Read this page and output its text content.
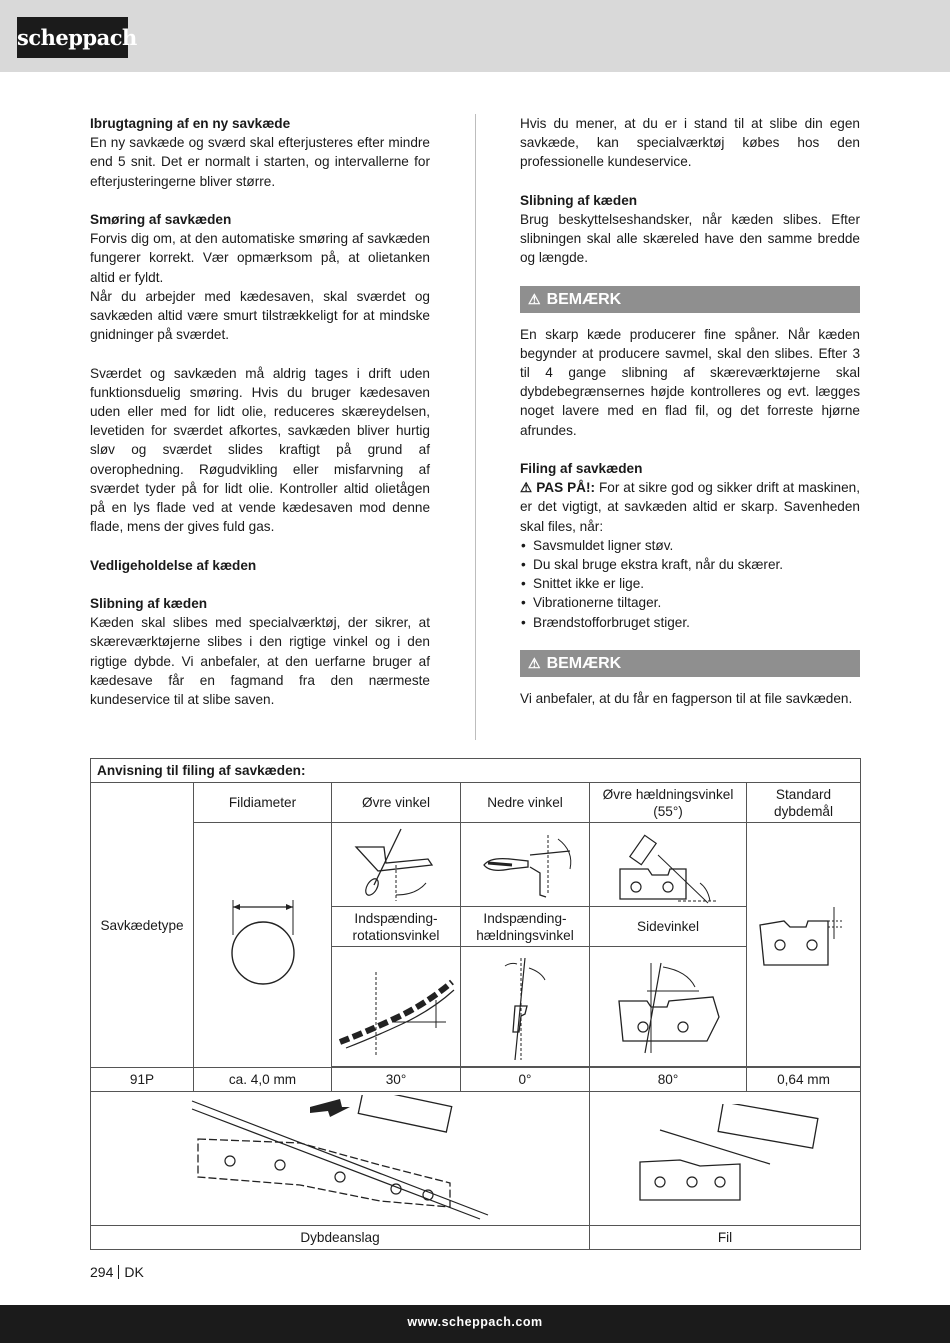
scheppach

Ibrugtagning af en ny savkæde

En ny savkæde og sværd skal efterjusteres efter mindre end 5 snit. Det er normalt i starten, og intervallerne for efterjusteringerne bliver større.

Smøring af savkæden

Forvis dig om, at den automatiske smøring af savkæden fungerer korrekt. Vær opmærksom på, at olietanken altid er fyldt.

Når du arbejder med kædesaven, skal sværdet og savkæden altid være smurt tilstrækkeligt for at mindske gnidninger på sværdet.

Sværdet og savkæden må aldrig tages i drift uden funktionsduelig smøring. Hvis du bruger kædesaven uden eller med for lidt olie, reduceres skæreydelsen, levetiden for sværdet afkortes, savkæden bliver hurtig sløv og sværdet slides kraftigt på grund af overophedning. Røgudvikling eller misfarvning af sværdet tyder på for lidt olie. Kontroller altid olietågen på en lys flade ved at vende kædesaven mod denne flade, mens der gives fuld gas.

Vedligeholdelse af kæden

Slibning af kæden

Kæden skal slibes med specialværktøj, der sikrer, at skæreværktøjerne slibes i den rigtige vinkel og i den rigtige dybde. Vi anbefaler, at den uerfarne bruger af kædesave får en fagmand fra den nærmeste kundeservice til at slibe saven.

Hvis du mener, at du er i stand til at slibe din egen savkæde, kan specialværktøj købes hos den professionelle kundeservice.

Slibning af kæden

Brug beskyttelseshandsker, når kæden slibes. Efter slibningen skal alle skæreled have den samme bredde og længde.

⚠ BEMÆRK

En skarp kæde producerer fine spåner. Når kæden begynder at producere savmel, skal den slibes. Efter 3 til 4 gange slibning af skæreværktøjerne skal dybdebegrænsernes højde kontrolleres og evt. lægges noget lavere med en flad fil, og det forreste hjørne afrundes.

Filing af savkæden

⚠ PAS PÅ!: For at sikre god og sikker drift at maskinen, er det vigtigt, at savkæden altid er skarp. Savenheden skal files, når:

• Savsmuldet ligner støv.
• Du skal bruge ekstra kraft, når du skærer.
• Snittet ikke er lige.
• Vibrationerne tiltager.
• Brændstofforbruget stiger.
⚠ BEMÆRK

Vi anbefaler, at du får en fagperson til at file savkæden.

Anvisning til filing af savkæden:					
Savkædetype	Fildiameter	Øvre vinkel	Nedre vinkel	Øvre hældningsvinkel (55°)	Standard dybdemål

		Indspænding-rotationsvinkel	Indspænding-hældningsvinkel	Sidevinkel	

91P	ca. 4,0 mm	30°	0°	80°	0,64 mm

Dybdeanslag				Fil	
294 DK
www.scheppach.com
